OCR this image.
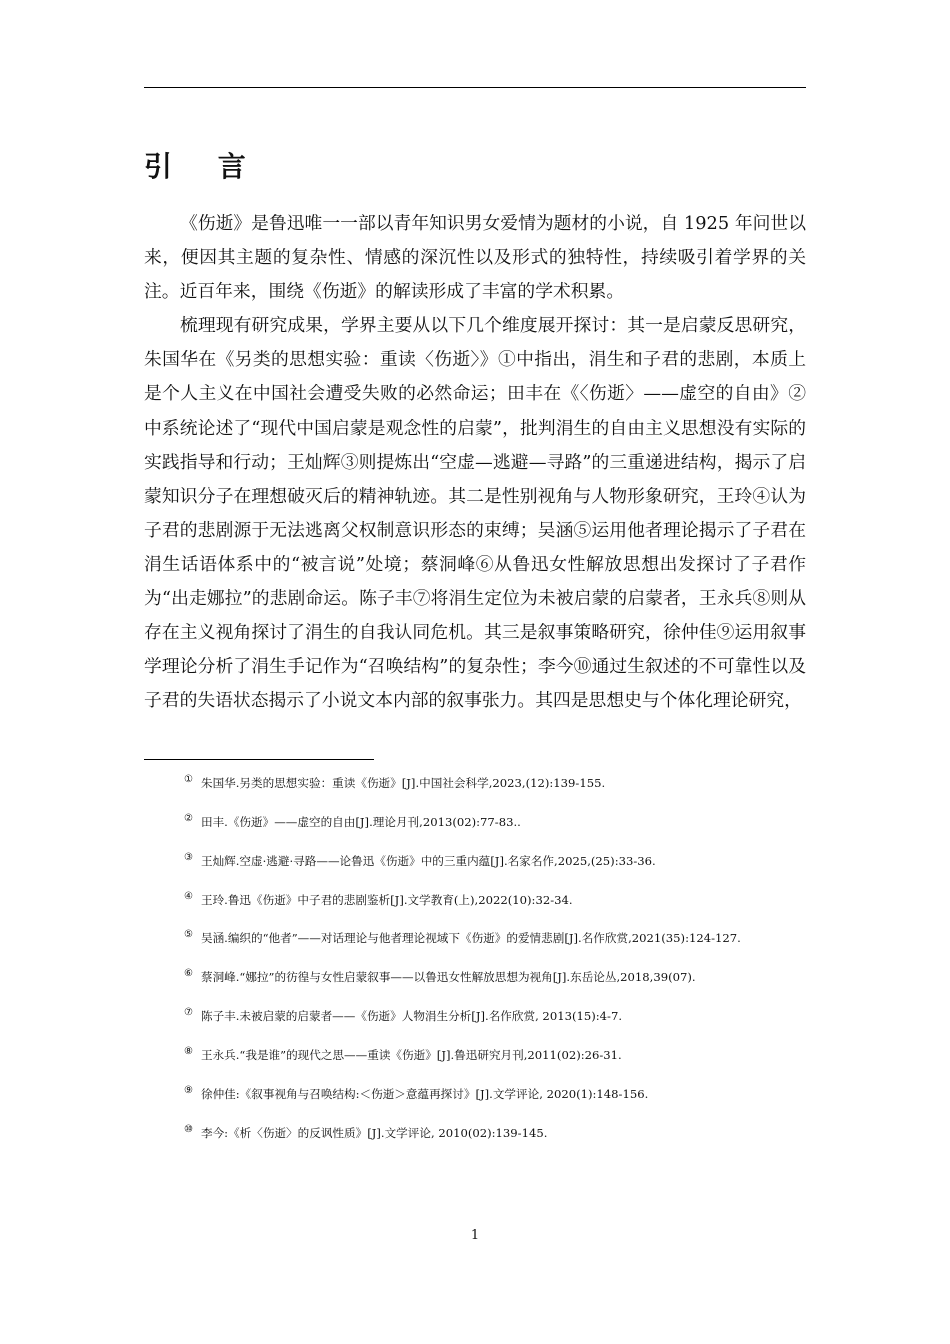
引 言

《伤逝》是鲁迅唯一一部以青年知识男女爱情为题材的小说，自 1925 年问世以来，便因其主题的复杂性、情感的深沉性以及形式的独特性，持续吸引着学界的关注。近百年来，围绕《伤逝》的解读形成了丰富的学术积累。

梳理现有研究成果，学界主要从以下几个维度展开探讨：其一是启蒙反思研究，朱国华在《另类的思想实验：重读〈伤逝〉》①中指出，涓生和子君的悲剧，本质上是个人主义在中国社会遭受失败的必然命运；田丰在《〈伤逝〉——虚空的自由》②中系统论述了“现代中国启蒙是观念性的启蒙”，批判涓生的自由主义思想没有实际的实践指导和行动；王灿辉③则提炼出“空虚—逃避—寻路”的三重递进结构，揭示了启蒙知识分子在理想破灭后的精神轨迹。其二是性别视角与人物形象研究，王玲④认为子君的悲剧源于无法逃离父权制意识形态的束缚；吴涵⑤运用他者理论揭示了子君在涓生话语体系中的“被言说”处境；蔡洞峰⑥从鲁迅女性解放思想出发探讨了子君作为“出走娜拉”的悲剧命运。陈子丰⑦将涓生定位为未被启蒙的启蒙者，王永兵⑧则从存在主义视角探讨了涓生的自我认同危机。其三是叙事策略研究，徐仲佳⑨运用叙事学理论分析了涓生手记作为“召唤结构”的复杂性；李今⑩通过生叙述的不可靠性以及子君的失语状态揭示了小说文本内部的叙事张力。其四是思想史与个体化理论研究，

① 朱国华.另类的思想实验：重读《伤逝》[J].中国社会科学,2023,(12):139-155.

② 田丰.《伤逝》——虚空的自由[J].理论月刊,2013(02):77-83..

③ 王灿辉.空虚·逃避·寻路——论鲁迅《伤逝》中的三重内蕴[J].名家名作,2025,(25):33-36.

④ 王玲.鲁迅《伤逝》中子君的悲剧鉴析[J].文学教育(上),2022(10):32-34.

⑤ 吴涵.编织的“他者”——对话理论与他者理论视域下《伤逝》的爱情悲剧[J].名作欣赏,2021(35):124-127.

⑥ 蔡洞峰.“娜拉”的彷徨与女性启蒙叙事——以鲁迅女性解放思想为视角[J].东岳论丛,2018,39(07).

⑦ 陈子丰.未被启蒙的启蒙者——《伤逝》人物涓生分析[J].名作欣赏, 2013(15):4-7.

⑧ 王永兵.“我是谁”的现代之思——重读《伤逝》[J].鲁迅研究月刊,2011(02):26-31.

⑨ 徐仲佳:《叙事视角与召唤结构:＜伤逝＞意蕴再探讨》[J].文学评论, 2020(1):148-156.

⑩ 李今:《析〈伤逝〉的反讽性质》[J].文学评论, 2010(02):139-145.

1
